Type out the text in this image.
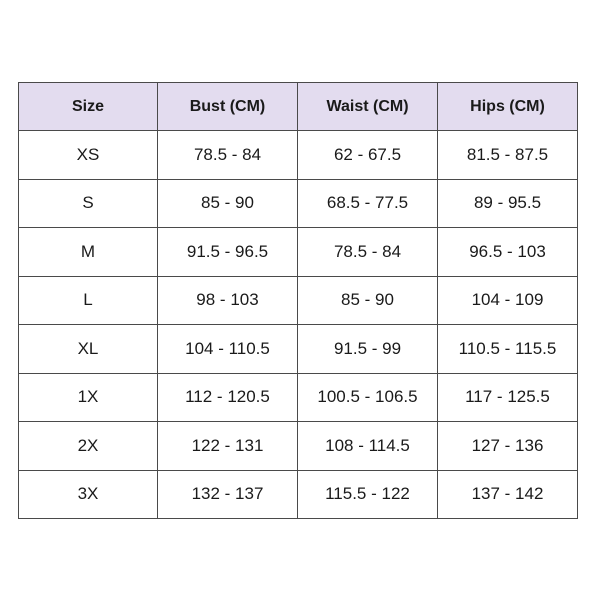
Size	Bust (CM)	Waist (CM)	Hips (CM)
XS	78.5 - 84	62 - 67.5	81.5 - 87.5
S	85 - 90	68.5 - 77.5	89 - 95.5
M	91.5 - 96.5	78.5 - 84	96.5 - 103
L	98 - 103	85 - 90	104 - 109
XL	104 - 110.5	91.5 - 99	110.5 - 115.5
1X	112 - 120.5	100.5 - 106.5	117 - 125.5
2X	122 - 131	108 - 114.5	127 - 136
3X	132 - 137	115.5 - 122	137 - 142
